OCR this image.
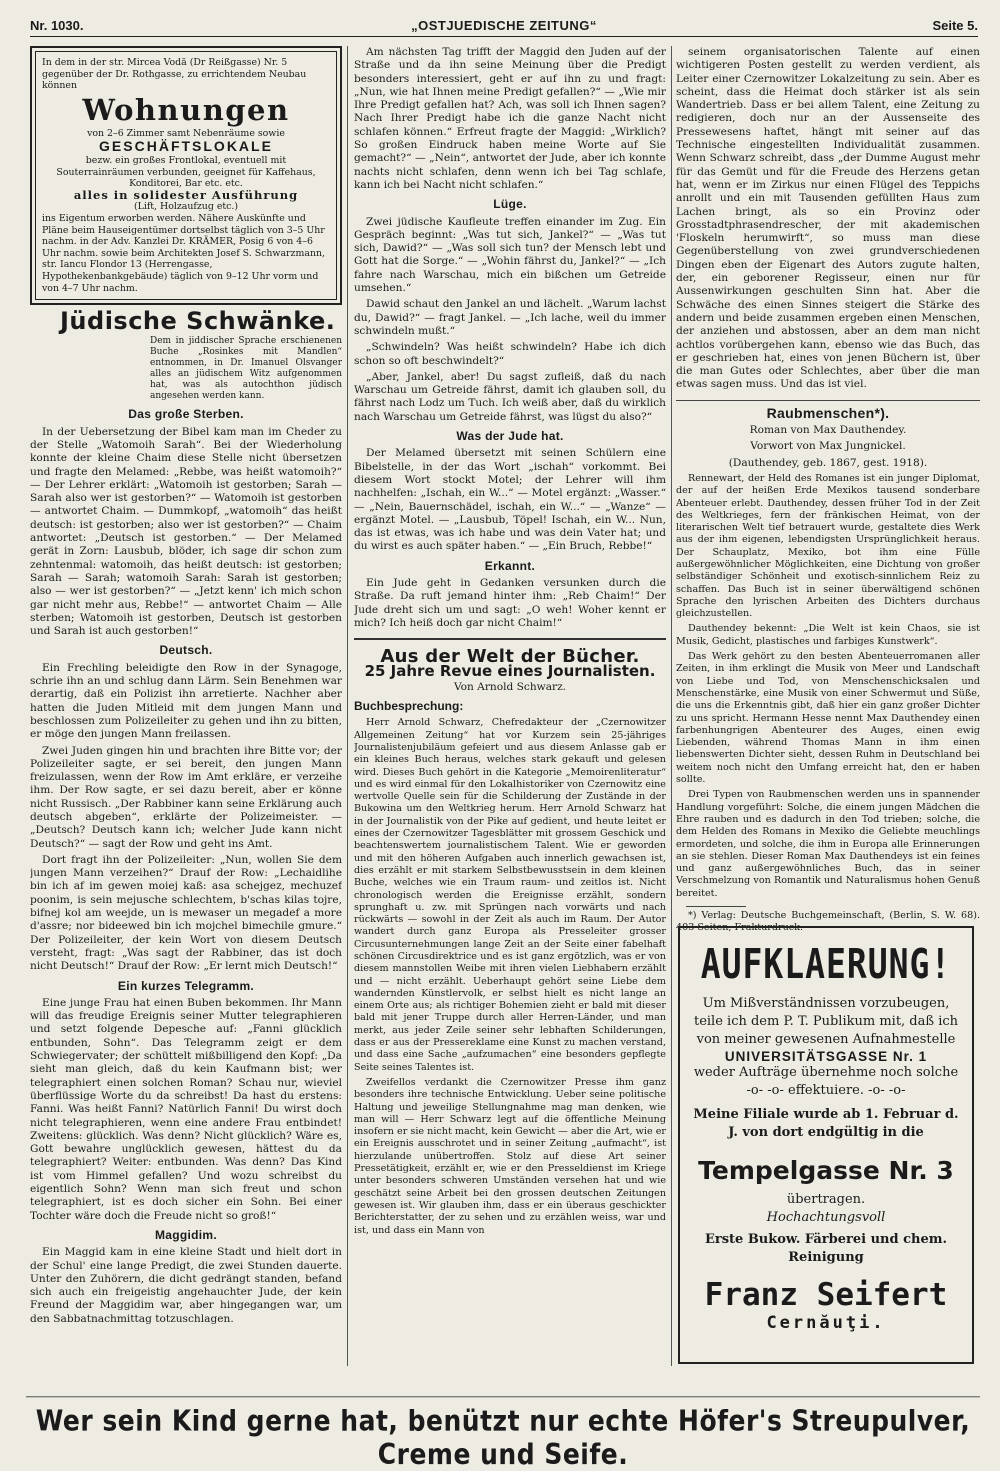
Nr. 1030.	„OSTJUEDISCHE ZEITUNG“	Seite 5.
In dem in der str. Mircea Vodă (Dr Reißgasse) Nr. 5 gegenüber der Dr. Rothgasse, zu errichtendem Neubau können
Wohnungen
von 2–6 Zimmer samt Nebenräume sowie
GESCHÄFTSLOKALE
bezw. ein großes Frontlokal, eventuell mit Souterrainräumen verbunden, geeignet für Kaffehaus, Konditorei, Bar etc. etc.
alles in solidester Ausführung
(Lift, Holzaufzug etc.)
ins Eigentum erworben werden. Nähere Auskünfte und Pläne beim Hauseigentümer dortselbst täglich von 3–5 Uhr nachm. in der Adv. Kanzlei Dr. KRÄMER, Posig 6 von 4–6 Uhr nachm. sowie beim Architekten Josef S. Schwarzmann, str. Iancu Flondor 13 (Herrengasse, Hypothekenbankgebäude) täglich von 9–12 Uhr vorm und von 4–7 Uhr nachm.
Jüdische Schwänke.
Dem in jiddischer Sprache erschienenen Buche „Rosinkes mit Mandlen“ entnommen, in Dr. Imanuel Olsvanger alles an jüdischem Witz aufgenommen hat, was als autochthon jüdisch angesehen werden kann.
Das große Sterben.

In der Uebersetzung der Bibel kam man im Cheder zu der Stelle „Watomoih Sarah“. Bei der Wiederholung konnte der kleine Chaim diese Stelle nicht übersetzen und fragte den Melamed: „Rebbe, was heißt watomoih?“ — Der Lehrer erklärt: „Watomoih ist gestorben; Sarah — Sarah also wer ist gestorben?“ — Watomoih ist gestorben — antwortet Chaim. — Dummkopf, „watomoih“ das heißt deutsch: ist gestorben; also wer ist gestorben?“ — Chaim antwortet: „Deutsch ist gestorben.“ — Der Melamed gerät in Zorn: Lausbub, blöder, ich sage dir schon zum zehntenmal: watomoih, das heißt deutsch: ist gestorben; Sarah — Sarah; watomoih Sarah: Sarah ist gestorben; also — wer ist gestorben?“ — „Jetzt kenn' ich mich schon gar nicht mehr aus, Rebbe!“ — antwortet Chaim — Alle sterben; Watomoih ist gestorben, Deutsch ist gestorben und Sarah ist auch gestorben!“

Deutsch.

Ein Frechling beleidigte den Row in der Synagoge, schrie ihn an und schlug dann Lärm. Sein Benehmen war derartig, daß ein Polizist ihn arretierte. Nachher aber hatten die Juden Mitleid mit dem jungen Mann und beschlossen zum Polizeileiter zu gehen und ihn zu bitten, er möge den jungen Mann freilassen.

Zwei Juden gingen hin und brachten ihre Bitte vor; der Polizeileiter sagte, er sei bereit, den jungen Mann freizulassen, wenn der Row im Amt erkläre, er verzeihe ihm. Der Row sagte, er sei dazu bereit, aber er könne nicht Russisch. „Der Rabbiner kann seine Erklärung auch deutsch abgeben“, erklärte der Polizeimeister. — „Deutsch? Deutsch kann ich; welcher Jude kann nicht Deutsch?“ — sagt der Row und geht ins Amt.

Dort fragt ihn der Polizeileiter: „Nun, wollen Sie dem jungen Mann verzeihen?“ Drauf der Row: „Lechaidlihe bin ich af im gewen moiej kaß: asa schejgez, mechuzef poonim, is sein mejusche schlechtem, b'schas kilas tojre, bifnej kol am weejde, un is mewaser un megadef a more d'assre; nor bideewed bin ich mojchel bimechile gmure.“ Der Polizeileiter, der kein Wort von diesem Deutsch versteht, fragt: „Was sagt der Rabbiner, das ist doch nicht Deutsch!“ Drauf der Row: „Er lernt mich Deutsch!“

Ein kurzes Telegramm.

Eine junge Frau hat einen Buben bekommen. Ihr Mann will das freudige Ereignis seiner Mutter telegraphieren und setzt folgende Depesche auf: „Fanni glücklich entbunden, Sohn“. Das Telegramm zeigt er dem Schwiegervater; der schüttelt mißbilligend den Kopf: „Da sieht man gleich, daß du kein Kaufmann bist; wer telegraphiert einen solchen Roman? Schau nur, wieviel überflüssige Worte du da schreibst! Da hast du erstens: Fanni. Was heißt Fanni? Natürlich Fanni! Du wirst doch nicht telegraphieren, wenn eine andere Frau entbindet! Zweitens: glücklich. Was denn? Nicht glücklich? Wäre es, Gott bewahre unglücklich gewesen, hättest du da telegraphiert? Weiter: entbunden. Was denn? Das Kind ist vom Himmel gefallen? Und wozu schreibst du eigentlich Sohn? Wenn man sich freut und schon telegraphiert, ist es doch sicher ein Sohn. Bei einer Tochter wäre doch die Freude nicht so groß!“

Maggidim.

Ein Maggid kam in eine kleine Stadt und hielt dort in der Schul' eine lange Predigt, die zwei Stunden dauerte. Unter den Zuhörern, die dicht gedrängt standen, befand sich auch ein freigeistig angehauchter Jude, der kein Freund der Maggidim war, aber hingegangen war, um den Sabbatnachmittag totzuschlagen.

Am nächsten Tag trifft der Maggid den Juden auf der Straße und da ihn seine Meinung über die Predigt besonders interessiert, geht er auf ihn zu und fragt: „Nun, wie hat Ihnen meine Predigt gefallen?“ — „Wie mir Ihre Predigt gefallen hat? Ach, was soll ich Ihnen sagen? Nach Ihrer Predigt habe ich die ganze Nacht nicht schlafen können.“ Erfreut fragte der Maggid: „Wirklich? So großen Eindruck haben meine Worte auf Sie gemacht?“ — „Nein“, antwortet der Jude, aber ich konnte nachts nicht schlafen, denn wenn ich bei Tag schlafe, kann ich bei Nacht nicht schlafen.“

Lüge.

Zwei jüdische Kaufleute treffen einander im Zug. Ein Gespräch beginnt: „Was tut sich, Jankel?“ — „Was tut sich, Dawid?“ — „Was soll sich tun? der Mensch lebt und Gott hat die Sorge.“ — „Wohin fährst du, Jankel?“ — „Ich fahre nach Warschau, mich ein bißchen um Getreide umsehen.“

Dawid schaut den Jankel an und lächelt. „Warum lachst du, Dawid?“ — fragt Jankel. — „Ich lache, weil du immer schwindeln mußt.“

„Schwindeln? Was heißt schwindeln? Habe ich dich schon so oft beschwindelt?“

„Aber, Jankel, aber! Du sagst zufleiß, daß du nach Warschau um Getreide fährst, damit ich glauben soll, du fährst nach Lodz um Tuch. Ich weiß aber, daß du wirklich nach Warschau um Getreide fährst, was lügst du also?“

Was der Jude hat.

Der Melamed übersetzt mit seinen Schülern eine Bibelstelle, in der das Wort „ischah“ vorkommt. Bei diesem Wort stockt Motel; der Lehrer will ihm nachhelfen: „Ischah, ein W...“ — Motel ergänzt: „Wasser.“ — „Nein, Bauernschädel, ischah, ein W...“ — „Wanze“ — ergänzt Motel. — „Lausbub, Töpel! Ischah, ein W... Nun, das ist etwas, was ich habe und was dein Vater hat; und du wirst es auch später haben.“ — „Ein Bruch, Rebbe!“

Erkannt.

Ein Jude geht in Gedanken versunken durch die Straße. Da ruft jemand hinter ihm: „Reb Chaim!“ Der Jude dreht sich um und sagt: „O weh! Woher kennt er mich? Ich heiß doch gar nicht Chaim!“

Aus der Welt der Bücher.
25 Jahre Revue eines Journalisten.

Von Arnold Schwarz.

Buchbesprechung:

Herr Arnold Schwarz, Chefredakteur der „Czernowitzer Allgemeinen Zeitung“ hat vor Kurzem sein 25-jähriges Journalistenjubiläum gefeiert und aus diesem Anlasse gab er ein kleines Buch heraus, welches stark gekauft und gelesen wird. Dieses Buch gehört in die Kategorie „Memoirenliteratur“ und es wird einmal für den Lokalhistoriker von Czernowitz eine wertvolle Quelle sein für die Schilderung der Zustände in der Bukowina um den Weltkrieg herum. Herr Arnold Schwarz hat in der Journalistik von der Pike auf gedient, und heute leitet er eines der Czernowitzer Tagesblätter mit grossem Geschick und beachtenswertem journalistischem Talent. Wie er geworden und mit den höheren Aufgaben auch innerlich gewachsen ist, dies erzählt er mit starkem Selbstbewusstsein in dem kleinen Buche, welches wie ein Traum raum- und zeitlos ist. Nicht chronologisch werden die Ereignisse erzählt, sondern sprunghaft u. zw. mit Sprüngen nach vorwärts und nach rückwärts — sowohl in der Zeit als auch im Raum. Der Autor wandert durch ganz Europa als Presseleiter grosser Circusunternehmungen lange Zeit an der Seite einer fabelhaft schönen Circusdirektrice und es ist ganz ergötzlich, was er von diesem mannstollen Weibe mit ihren vielen Liebhabern erzählt und — nicht erzählt. Ueberhaupt gehört seine Liebe dem wandernden Künstlervolk, er selbst hielt es nicht lange an einem Orte aus; als richtiger Bohemien zieht er bald mit dieser bald mit jener Truppe durch aller Herren-Länder, und man merkt, aus jeder Zeile seiner sehr lebhaften Schilderungen, dass er aus der Pressereklame eine Kunst zu machen verstand, und dass eine Sache „aufzumachen“ eine besonders gepflegte Seite seines Talentes ist.

Zweifellos verdankt die Czernowitzer Presse ihm ganz besonders ihre technische Entwicklung. Ueber seine politische Haltung und jeweilige Stellungnahme mag man denken, wie man will — Herr Schwarz legt auf die öffentliche Meinung insofern er sie nicht macht, kein Gewicht — aber die Art, wie er ein Ereignis ausschrotet und in seiner Zeitung „aufmacht“, ist hierzulande unübertroffen. Stolz auf diese Art seiner Pressetätigkeit, erzählt er, wie er den Presseldienst im Kriege unter besonders schweren Umständen versehen hat und wie geschätzt seine Arbeit bei den grossen deutschen Zeitungen gewesen ist. Wir glauben ihm, dass er ein überaus geschickter Berichterstatter, der zu sehen und zu erzählen weiss, war und ist, und dass ein Mann von

seinem organisatorischen Talente auf einen wichtigeren Posten gestellt zu werden verdient, als Leiter einer Czernowitzer Lokalzeitung zu sein. Aber es scheint, dass die Heimat doch stärker ist als sein Wandertrieb. Dass er bei allem Talent, eine Zeitung zu redigieren, doch nur an der Aussenseite des Pressewesens haftet, hängt mit seiner auf das Technische eingestellten Individualität zusammen. Wenn Schwarz schreibt, dass „der Dumme August mehr für das Gemüt und für die Freude des Herzens getan hat, wenn er im Zirkus nur einen Flügel des Teppichs anrollt und ein mit Tausenden gefüllten Haus zum Lachen bringt, als so ein Provinz oder Grosstadtphrasendrescher, der mit akademischen 'Floskeln herumwirft“, so muss man diese Gegenüberstellung von zwei grundverschiedenen Dingen eben der Eigenart des Autors zugute halten, der, ein geborener Regisseur, einen nur für Aussenwirkungen geschulten Sinn hat. Aber die Schwäche des einen Sinnes steigert die Stärke des andern und beide zusammen ergeben einen Menschen, der anziehen und abstossen, aber an dem man nicht achtlos vorübergehen kann, ebenso wie das Buch, das er geschrieben hat, eines von jenen Büchern ist, über die man Gutes oder Schlechtes, aber über die man etwas sagen muss. Und das ist viel.

Raubmenschen*).

Roman von Max Dauthendey.

Vorwort von Max Jungnickel.

(Dauthendey, geb. 1867, gest. 1918).

Rennewart, der Held des Romanes ist ein junger Diplomat, der auf der heißen Erde Mexikos tausend sonderbare Abenteuer erlebt. Dauthendey, dessen früher Tod in der Zeit des Weltkrieges, fern der fränkischen Heimat, von der literarischen Welt tief betrauert wurde, gestaltete dies Werk aus der ihm eigenen, lebendigsten Ursprünglichkeit heraus. Der Schauplatz, Mexiko, bot ihm eine Fülle außergewöhnlicher Möglichkeiten, eine Dichtung von großer selbständiger Schönheit und exotisch-sinnlichem Reiz zu schaffen. Das Buch ist in seiner überwältigend schönen Sprache den lyrischen Arbeiten des Dichters durchaus gleichzustellen.

Dauthendey bekennt: „Die Welt ist kein Chaos, sie ist Musik, Gedicht, plastisches und farbiges Kunstwerk“.

Das Werk gehört zu den besten Abenteuerromanen aller Zeiten, in ihm erklingt die Musik von Meer und Landschaft von Liebe und Tod, von Menschenschicksalen und Menschenstärke, eine Musik von einer Schwermut und Süße, die uns die Erkenntnis gibt, daß hier ein ganz großer Dichter zu uns spricht. Hermann Hesse nennt Max Dauthendey einen farbenhungrigen Abenteurer des Auges, einen ewig Liebenden, während Thomas Mann in ihm einen liebenswerten Dichter sieht, dessen Ruhm in Deutschland bei weitem noch nicht den Umfang erreicht hat, den er haben sollte.

Drei Typen von Raubmenschen werden uns in spannender Handlung vorgeführt: Solche, die einem jungen Mädchen die Ehre rauben und es dadurch in den Tod trieben; solche, die dem Helden des Romans in Mexiko die Geliebte meuchlings ermordeten, und solche, die ihm in Europa alle Erinnerungen an sie stehlen. Dieser Roman Max Dauthendeys ist ein feines und ganz außergewöhnliches Buch, das in seiner Verschmelzung von Romantik und Naturalismus hohen Genuß bereitet.

*) Verlag: Deutsche Buchgemeinschaft, (Berlin, S. W. 68). 403 Seiten, Frakturdruck.

AUFKLAERUNG!
Um Mißverständnissen vorzubeugen, teile ich dem P. T. Publikum mit, daß ich von meiner gewesenen Aufnahmestelle
UNIVERSITÄTSGASSE Nr. 1
weder Aufträge übernehme noch solche
-o- -o- effektuiere. -o- -o-
Meine Filiale wurde ab 1. Februar d. J. von dort endgültig in die
Tempelgasse Nr. 3
übertragen.
Hochachtungsvoll
Erste Bukow. Färberei und chem. Reinigung
Franz Seifert
Cernăuţi.
Wer sein Kind gerne hat, benützt nur echte Höfer's Streupulver, Creme und Seife.
